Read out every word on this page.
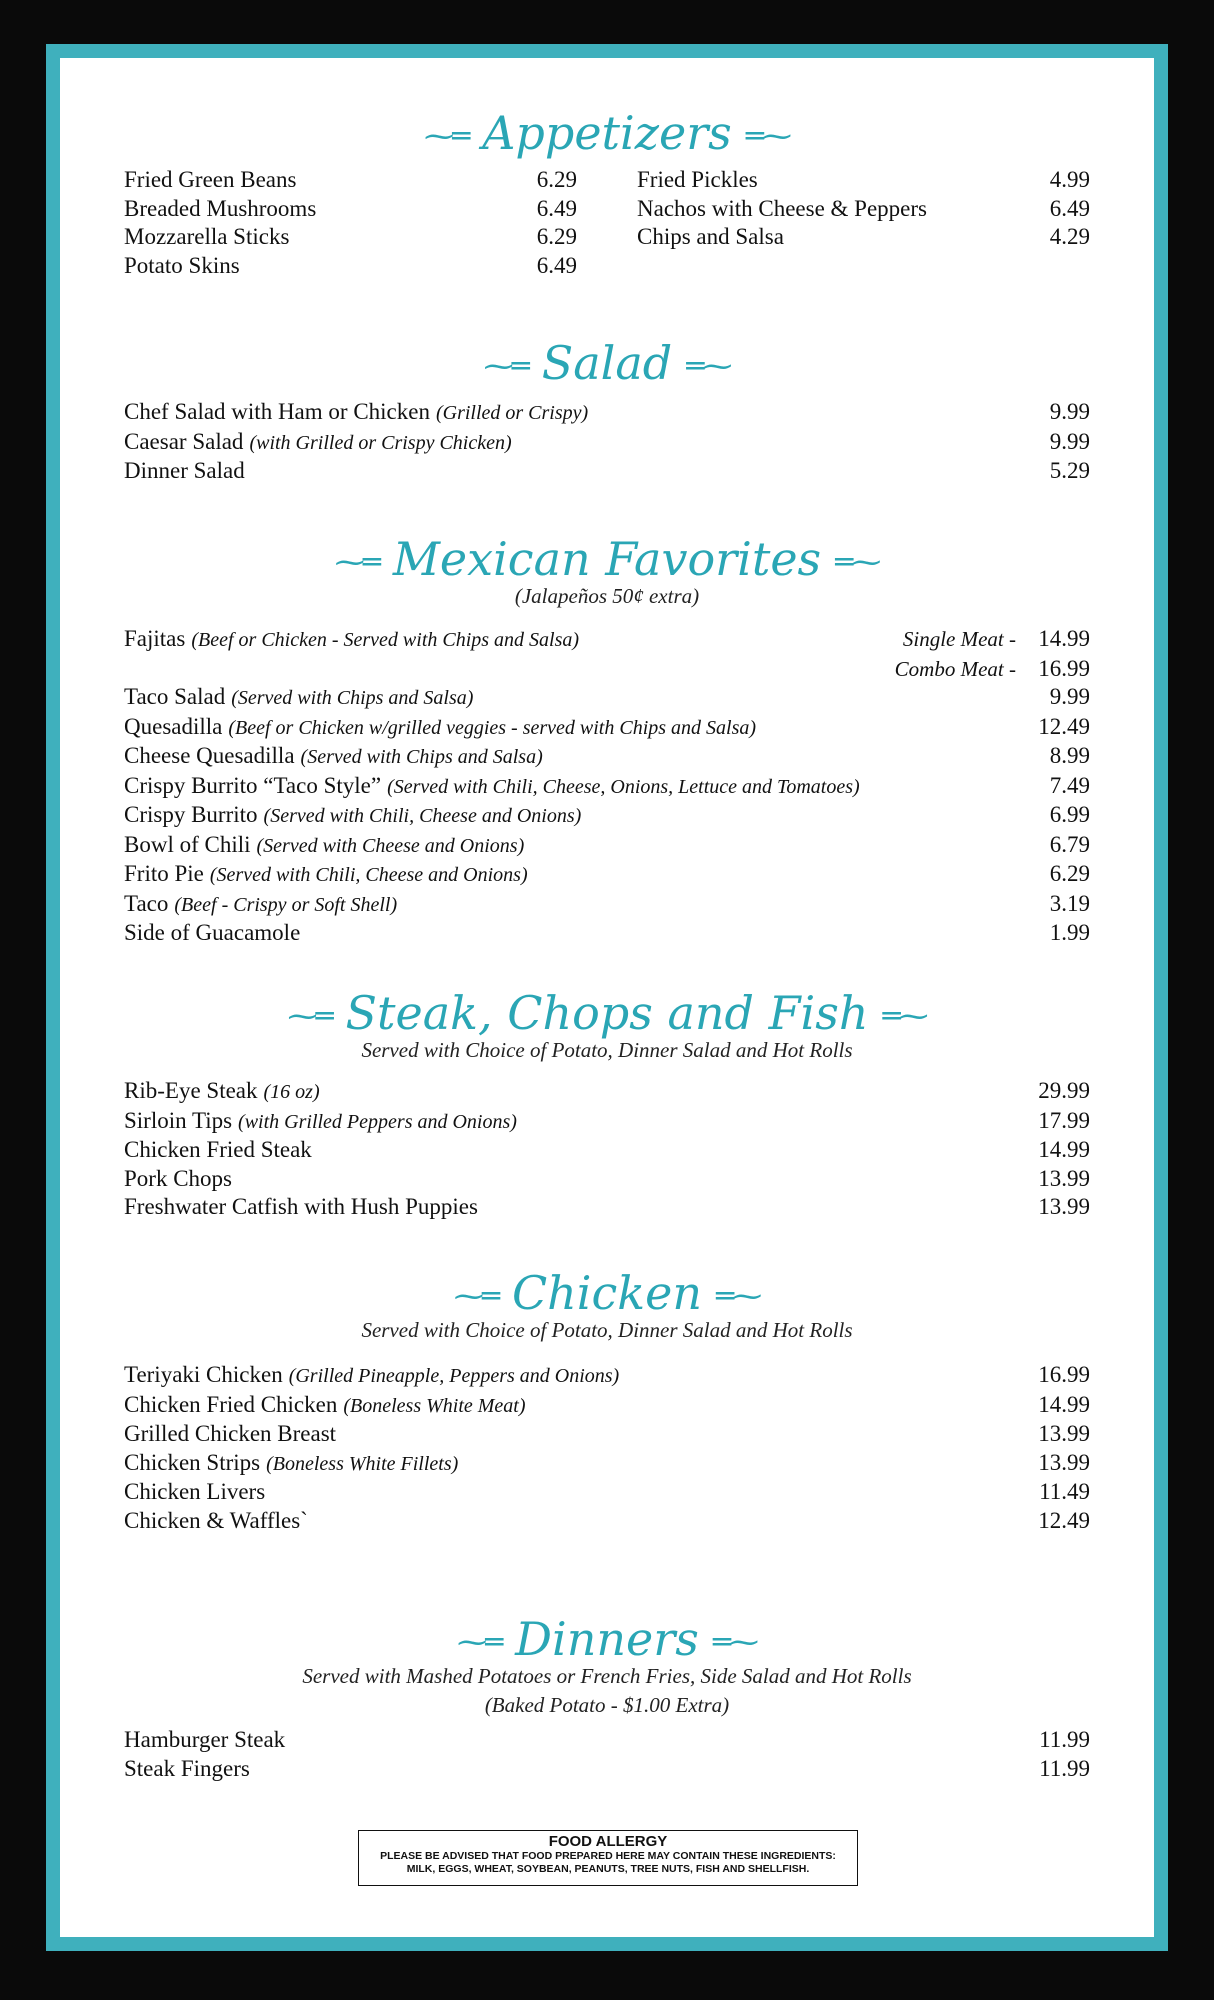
⁓═ Appetizers ═⁓
Fried Green Beans	6.29
Breaded Mushrooms	6.49
Mozzarella Sticks	6.29
Potato Skins	6.49
Fried Pickles	4.99
Nachos with Cheese & Peppers	6.49
Chips and Salsa	4.29
⁓═ Salad ═⁓
Chef Salad with Ham or Chicken (Grilled or Crispy)	9.99
Caesar Salad (with Grilled or Crispy Chicken)	9.99
Dinner Salad	5.29
⁓═ Mexican Favorites ═⁓
(Jalapeños 50¢ extra)
Fajitas (Beef or Chicken - Served with Chips and Salsa)	Single Meat - 14.99
Combo Meat - 16.99
Taco Salad (Served with Chips and Salsa)	9.99
Quesadilla (Beef or Chicken w/grilled veggies - served with Chips and Salsa)	12.49
Cheese Quesadilla (Served with Chips and Salsa)	8.99
Crispy Burrito “Taco Style” (Served with Chili, Cheese, Onions, Lettuce and Tomatoes)	7.49
Crispy Burrito (Served with Chili, Cheese and Onions)	6.99
Bowl of Chili (Served with Cheese and Onions)	6.79
Frito Pie (Served with Chili, Cheese and Onions)	6.29
Taco (Beef - Crispy or Soft Shell)	3.19
Side of Guacamole	1.99
⁓═ Steak, Chops and Fish ═⁓
Served with Choice of Potato, Dinner Salad and Hot Rolls
Rib-Eye Steak (16 oz)	29.99
Sirloin Tips (with Grilled Peppers and Onions)	17.99
Chicken Fried Steak	14.99
Pork Chops	13.99
Freshwater Catfish with Hush Puppies	13.99
⁓═ Chicken ═⁓
Served with Choice of Potato, Dinner Salad and Hot Rolls
Teriyaki Chicken (Grilled Pineapple, Peppers and Onions)	16.99
Chicken Fried Chicken (Boneless White Meat)	14.99
Grilled Chicken Breast	13.99
Chicken Strips (Boneless White Fillets)	13.99
Chicken Livers	11.49
Chicken & Waffles`	12.49
⁓═ Dinners ═⁓
Served with Mashed Potatoes or French Fries, Side Salad and Hot Rolls
(Baked Potato - $1.00 Extra)
Hamburger Steak	11.99
Steak Fingers	11.99
FOOD ALLERGY
PLEASE BE ADVISED THAT FOOD PREPARED HERE MAY CONTAIN THESE INGREDIENTS:
MILK, EGGS, WHEAT, SOYBEAN, PEANUTS, TREE NUTS, FISH AND SHELLFISH.
